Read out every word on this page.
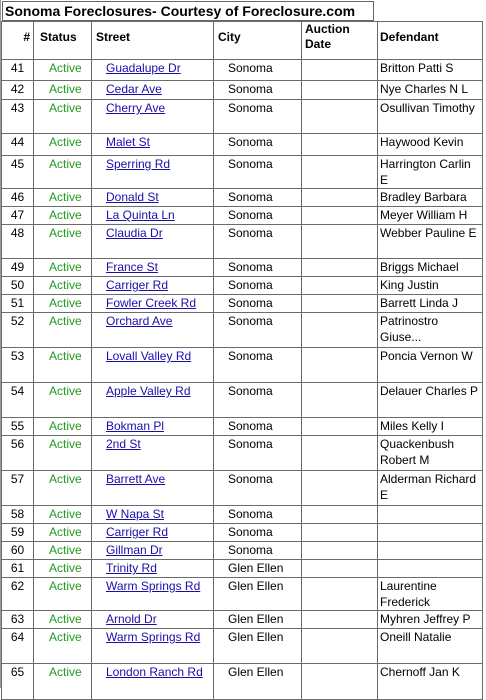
Sonoma Foreclosures- Courtesy of Foreclosure.com
#	Status	Street	City	Auction Date	Defendant
41	Active	Guadalupe Dr	Sonoma		Britton Patti S
42	Active	Cedar Ave	Sonoma		Nye Charles N L
43	Active	Cherry Ave	Sonoma		Osullivan Timothy
44	Active	Malet St	Sonoma		Haywood Kevin
45	Active	Sperring Rd	Sonoma		Harrington Carlin E
46	Active	Donald St	Sonoma		Bradley Barbara
47	Active	La Quinta Ln	Sonoma		Meyer William H
48	Active	Claudia Dr	Sonoma		Webber Pauline E
49	Active	France St	Sonoma		Briggs Michael
50	Active	Carriger Rd	Sonoma		King Justin
51	Active	Fowler Creek Rd	Sonoma		Barrett Linda J
52	Active	Orchard Ave	Sonoma		Patrinostro Giuse...
53	Active	Lovall Valley Rd	Sonoma		Poncia Vernon W
54	Active	Apple Valley Rd	Sonoma		Delauer Charles P
55	Active	Bokman Pl	Sonoma		Miles Kelly I
56	Active	2nd St	Sonoma		Quackenbush Robert M
57	Active	Barrett Ave	Sonoma		Alderman Richard E
58	Active	W Napa St	Sonoma		
59	Active	Carriger Rd	Sonoma		
60	Active	Gillman Dr	Sonoma		
61	Active	Trinity Rd	Glen Ellen		
62	Active	Warm Springs Rd	Glen Ellen		Laurentine Frederick
63	Active	Arnold Dr	Glen Ellen		Myhren Jeffrey P
64	Active	Warm Springs Rd	Glen Ellen		Oneill Natalie
65	Active	London Ranch Rd	Glen Ellen		Chernoff Jan K
